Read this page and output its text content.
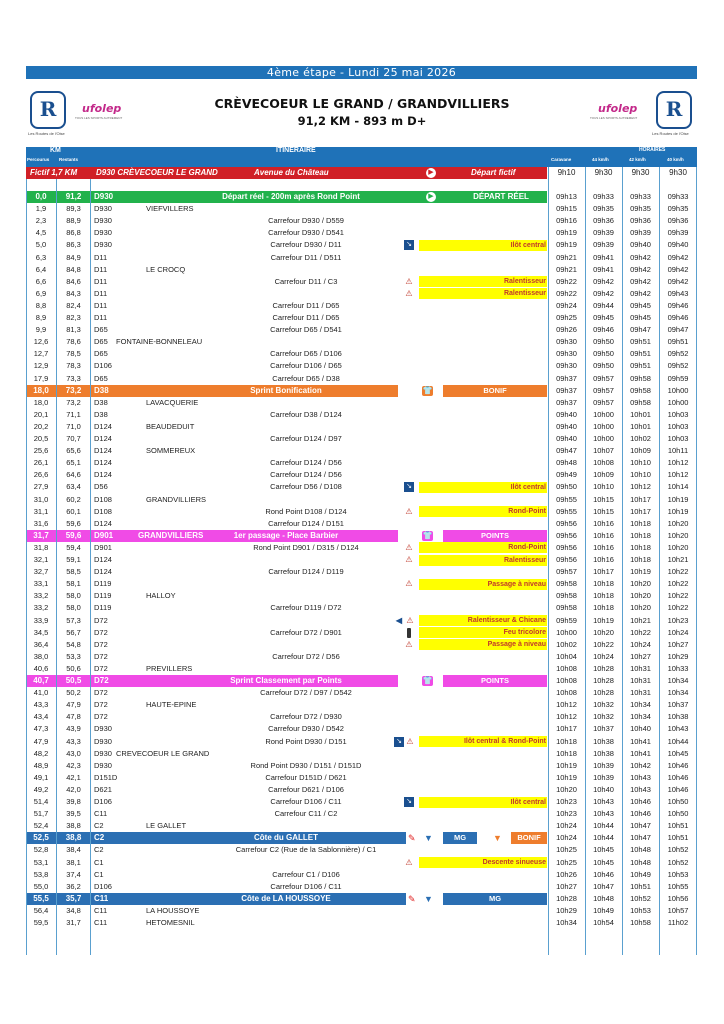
4ème étape - Lundi 25 mai 2026
R
Les Routes de l'Oise
ufolep
TOUS LES SPORTS AUTREMENT	R
Les Routes de l'Oise
ufolep
TOUS LES SPORTS AUTREMENT
CRÈVECOEUR LE GRAND / GRANDVILLIERS
91,2 KM - 893 m D+
KM
Percourus Restants
ITINERAIRE	HORAIRES
Caravane	44 km/h	42 km/h	40 km/h
Fictif 1,7 KM D930 CRÈVECOEUR LE GRAND	Avenue du Château	▶	Départ fictif	9h10	9h30	9h30	9h30
0,0	91,2	D930	Départ réel - 200m après Rond Point	▶	DÉPART RÉEL	09h13	09h33	09h33	09h33
1,9	89,3	D930	VIEFVILLERS	09h15	09h35	09h35	09h35
2,3	88,9	D930	Carrefour D930 / D559	09h16	09h36	09h36	09h36
4,5	86,8	D930	Carrefour D930 / D541	09h19	09h39	09h39	09h39
5,0	86,3	D930	Carrefour D930 / D11	↘	Ilôt central	09h19	09h39	09h40	09h40
6,3	84,9	D11	Carrefour D11 / D511	09h21	09h41	09h42	09h42
6,4	84,8	D11	LE CROCQ	09h21	09h41	09h42	09h42
6,6	84,6	D11	Carrefour D11 / C3	⚠	Ralentisseur	09h22	09h42	09h42	09h42
6,9	84,3	D11	⚠	Ralentisseur	09h22	09h42	09h42	09h43
8,8	82,4	D11	Carrefour D11 / D65	09h24	09h44	09h45	09h46
8,9	82,3	D11	Carrefour D11 / D65	09h25	09h45	09h45	09h46
9,9	81,3	D65	Carrefour D65 / D541	09h26	09h46	09h47	09h47
12,6	78,6	D65	FONTAINE-BONNELEAU	09h30	09h50	09h51	09h51
12,7	78,5	D65	Carrefour D65 / D106	09h30	09h50	09h51	09h52
12,9	78,3	D106	Carrefour D106 / D65	09h30	09h50	09h51	09h52
17,9	73,3	D65	Carrefour D65 / D38	09h37	09h57	09h58	09h59
18,0	73,2	D38	Sprint Bonification	👕	BONIF	09h37	09h57	09h58	10h00
18,0	73,2	D38	LAVACQUERIE	09h37	09h57	09h58	10h00
20,1	71,1	D38	Carrefour D38 / D124	09h40	10h00	10h01	10h03
20,2	71,0	D124	BEAUDEDUIT	09h40	10h00	10h01	10h03
20,5	70,7	D124	Carrefour D124 / D97	09h40	10h00	10h02	10h03
25,6	65,6	D124	SOMMEREUX	09h47	10h07	10h09	10h11
26,1	65,1	D124	Carrefour D124 / D56	09h48	10h08	10h10	10h12
26,6	64,6	D124	Carrefour D124 / D56	09h49	10h09	10h10	10h12
27,9	63,4	D56	Carrefour D56 / D108	↘	Ilôt central	09h50	10h10	10h12	10h14
31,0	60,2	D108	GRANDVILLIERS	09h55	10h15	10h17	10h19
31,1	60,1	D108	Rond Point D108 / D124	⚠	Rond-Point	09h55	10h15	10h17	10h19
31,6	59,6	D124	Carrefour D124 / D151	09h56	10h16	10h18	10h20
31,7	59,6	D901	GRANDVILLIERS	1er passage - Place Barbier	👕	POINTS	09h56	10h16	10h18	10h20
31,8	59,4	D901	Rond Point D901 / D315 / D124	⚠	Rond-Point	09h56	10h16	10h18	10h20
32,1	59,1	D124	⚠	Ralentisseur	09h56	10h16	10h18	10h21
32,7	58,5	D124	Carrefour D124 / D119	09h57	10h17	10h19	10h22
33,1	58,1	D119	⚠	Passage à niveau	09h58	10h18	10h20	10h22
33,2	58,0	D119	HALLOY	09h58	10h18	10h20	10h22
33,2	58,0	D119	Carrefour D119 / D72	09h58	10h18	10h20	10h22
33,9	57,3	D72	◀ ⚠	Ralentisseur & Chicane	09h59	10h19	10h21	10h23
34,5	56,7	D72	Carrefour D72 / D901	Feu tricolore	10h00	10h20	10h22	10h24
36,4	54,8	D72	⚠	Passage à niveau	10h02	10h22	10h24	10h27
38,0	53,3	D72	Carrefour D72 / D56	10h04	10h24	10h27	10h29
40,6	50,6	D72	PREVILLERS	10h08	10h28	10h31	10h33
40,7	50,5	D72	Sprint Classement par Points	👕	POINTS	10h08	10h28	10h31	10h34
41,0	50,2	D72	Carrefour D72 / D97 / D542	10h08	10h28	10h31	10h34
43,3	47,9	D72	HAUTE-EPINE	10h12	10h32	10h34	10h37
43,4	47,8	D72	Carrefour D72 / D930	10h12	10h32	10h34	10h38
47,3	43,9	D930	Carrefour D930 / D542	10h17	10h37	10h40	10h43
47,9	43,3	D930	Rond Point D930 / D151	↘ ⚠	Ilôt central & Rond-Point	10h18	10h38	10h41	10h44
48,2	43,0	D930 CREVECOEUR LE GRAND	10h18	10h38	10h41	10h45
48,9	42,3	D930	Rond Point D930 / D151 / D151D	10h19	10h39	10h42	10h46
49,1	42,1	D151D	Carrefour D151D / D621	10h19	10h39	10h43	10h46
49,2	42,0	D621	Carrefour D621 / D106	10h20	10h40	10h43	10h46
51,4	39,8	D106	Carrefour D106 / C11	↘	Ilôt central	10h23	10h43	10h46	10h50
51,7	39,5	C11	Carrefour C11 / C2	10h23	10h43	10h46	10h50
52,4	38,8	C2	LE GALLET	10h24	10h44	10h47	10h51
52,5	38,8	C2	Côte du GALLET	✎ ▼	MG	▼	BONIF	10h24	10h44	10h47	10h51
52,8	38,4	C2	Carrefour C2 (Rue de la Sablonnière) / C1	10h25	10h45	10h48	10h52
53,1	38,1	C1	⚠	Descente sinueuse	10h25	10h45	10h48	10h52
53,8	37,4	C1	Carrefour C1 / D106	10h26	10h46	10h49	10h53
55,0	36,2	D106	Carrefour D106 / C11	10h27	10h47	10h51	10h55
55,5	35,7	C11	Côte de LA HOUSSOYE	✎ ▼	MG	10h28	10h48	10h52	10h56
56,4	34,8	C11	LA HOUSSOYE	10h29	10h49	10h53	10h57
59,5	31,7	C11	HETOMESNIL	10h34	10h54	10h58	11h02
